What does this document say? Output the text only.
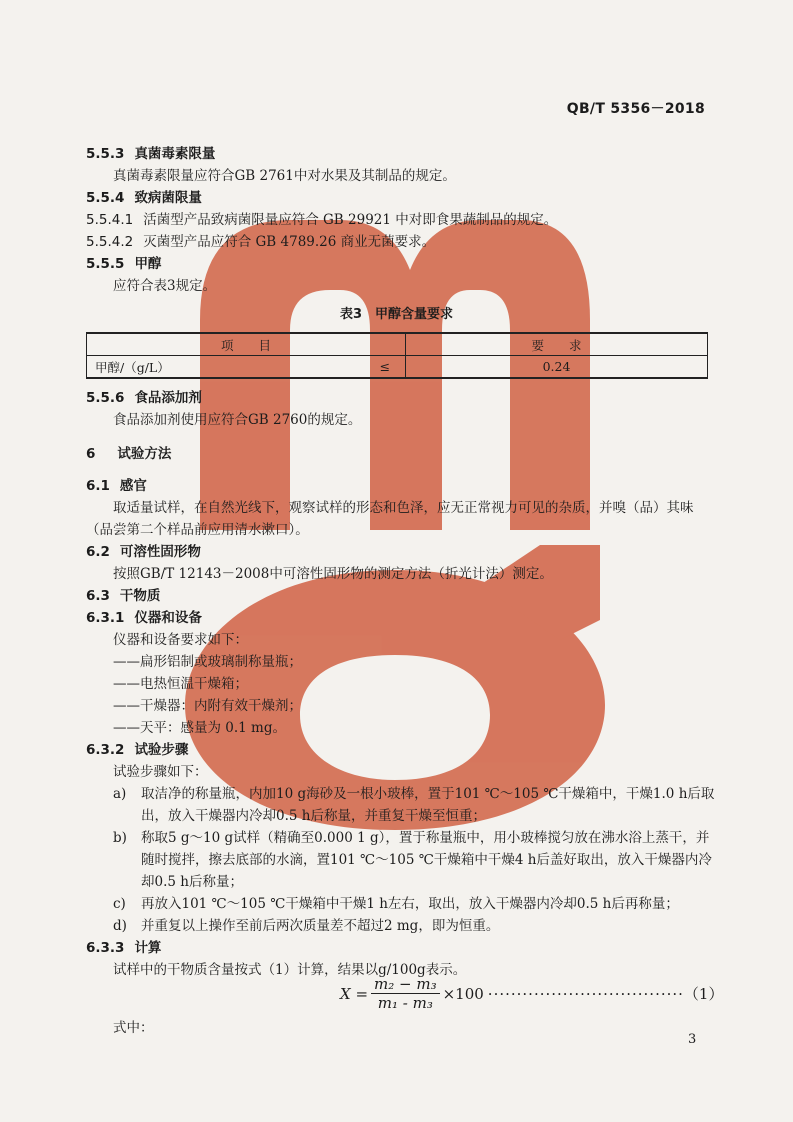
QB/T 5356－2018
5.5.3 真菌毒素限量
真菌毒素限量应符合GB 2761中对水果及其制品的规定。
5.5.4 致病菌限量
5.5.4.1 活菌型产品致病菌限量应符合 GB 29921 中对即食果蔬制品的规定。
5.5.4.2 灭菌型产品应符合 GB 4789.26 商业无菌要求。
5.5.5 甲醇
应符合表3规定。
表3　甲醇含量要求
项　　目		要　　求
甲醇/（g/L）	≤	0.24
5.5.6 食品添加剂
食品添加剂使用应符合GB 2760的规定。
6 试验方法
6.1 感官
取适量试样，在自然光线下，观察试样的形态和色泽，应无正常视力可见的杂质，并嗅（品）其味
（品尝第二个样品前应用清水漱口）。
6.2 可溶性固形物
按照GB/T 12143－2008中可溶性固形物的测定方法（折光计法）测定。
6.3 干物质
6.3.1 仪器和设备
仪器和设备要求如下：
——扁形铝制或玻璃制称量瓶；
——电热恒温干燥箱；
——干燥器：内附有效干燥剂；
——天平：感量为 0.1 mg。
6.3.2 试验步骤
试验步骤如下：
a) 取洁净的称量瓶，内加10 g海砂及一根小玻棒，置于101 ℃～105 ℃干燥箱中，干燥1.0 h后取
出，放入干燥器内冷却0.5 h后称量，并重复干燥至恒重；
b) 称取5 g～10 g试样（精确至0.000 1 g），置于称量瓶中，用小玻棒搅匀放在沸水浴上蒸干，并
随时搅拌，擦去底部的水滴，置101 ℃～105 ℃干燥箱中干燥4 h后盖好取出，放入干燥器内冷
却0.5 h后称量；
c) 再放入101 ℃～105 ℃干燥箱中干燥1 h左右，取出，放入干燥器内冷却0.5 h后再称量；
d) 并重复以上操作至前后两次质量差不超过2 mg，即为恒重。
6.3.3 计算
试样中的干物质含量按式（1）计算，结果以g/100g表示。
$X = \frac{\text{m₂ − m₃}}{\text{m₁ - m₃}} \times 100$ ·································· （1）
式中：
3
